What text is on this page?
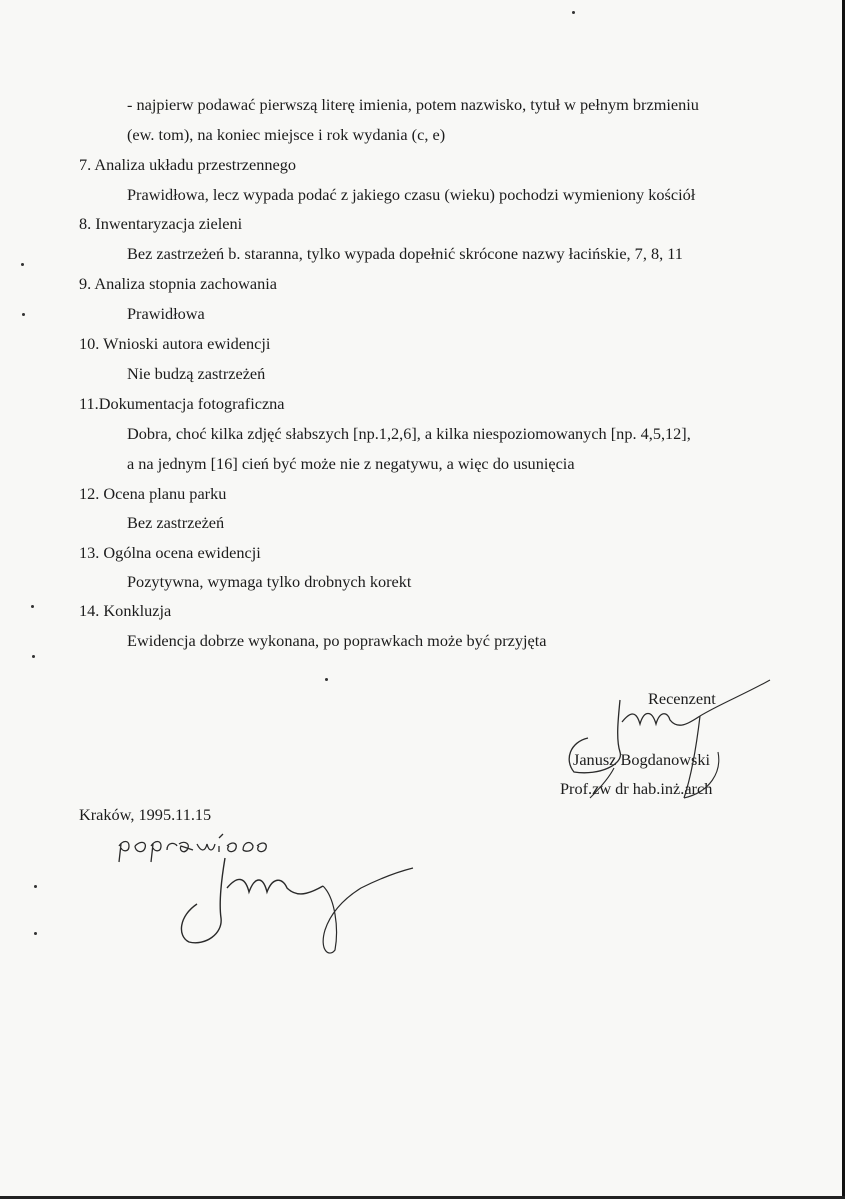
- najpierw podawać pierwszą literę imienia, potem nazwisko, tytuł w pełnym brzmieniu
(ew. tom), na koniec miejsce i rok wydania (c, e)
7. Analiza układu przestrzennego
Prawidłowa, lecz wypada podać z jakiego czasu (wieku) pochodzi wymieniony kościół
8. Inwentaryzacja zieleni
Bez zastrzeżeń b. staranna, tylko wypada dopełnić skrócone nazwy łacińskie, 7, 8, 11
9. Analiza stopnia zachowania
Prawidłowa
10. Wnioski autora ewidencji
Nie budzą zastrzeżeń
11.Dokumentacja fotograficzna
Dobra, choć kilka zdjęć słabszych [np.1,2,6], a kilka niespoziomowanych [np. 4,5,12],
a na jednym [16] cień być może nie z negatywu, a więc do usunięcia
12. Ocena planu parku
Bez zastrzeżeń
13. Ogólna ocena ewidencji
Pozytywna, wymaga tylko drobnych korekt
14. Konkluzja
Ewidencja dobrze wykonana, po poprawkach może być przyjęta
Recenzent
Janusz Bogdanowski
Prof.zw dr hab.inż.arch
Kraków, 1995.11.15
